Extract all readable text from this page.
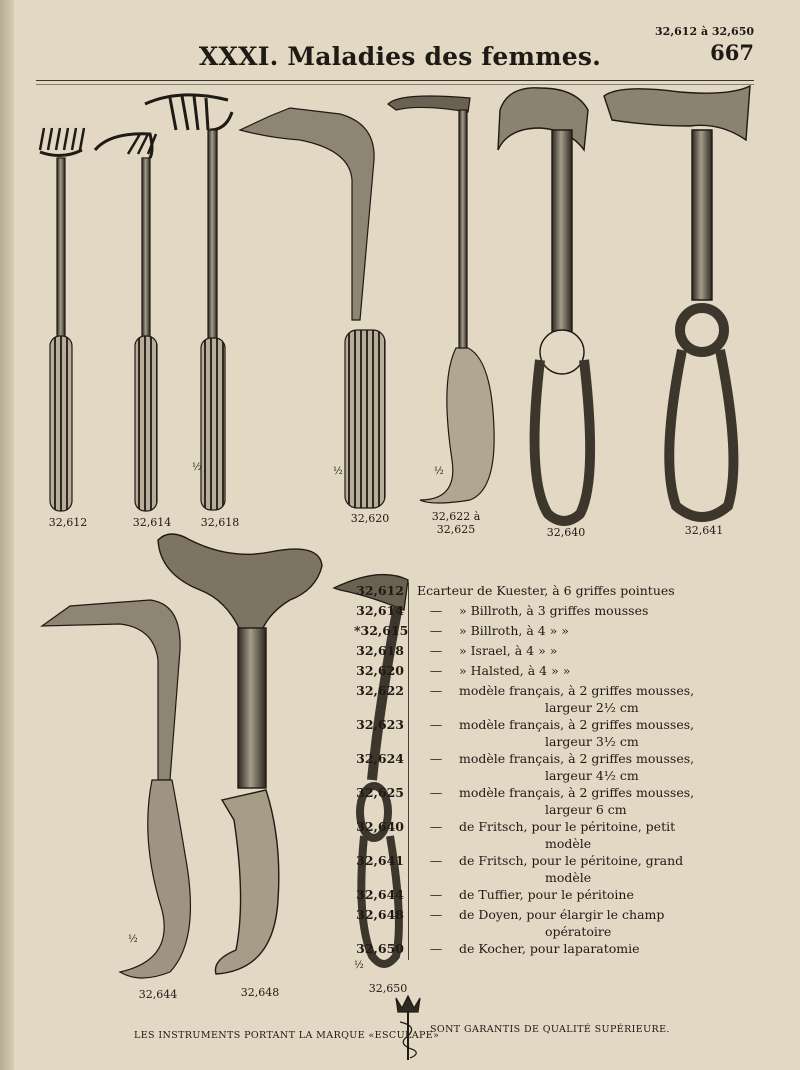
32,612 à 32,650
667
XXXI. Maladies des femmes.
32,612	32,614	32,618	32,620	32,622 à 32,625	32,640	32,641
32,644	32,648	32,650
½	½	½
½
½
32,612 Ecarteur de Kuester, à 6 griffes pointues
32,614	—	» Billroth, à 3 griffes mousses
*32,615	—	» Billroth, à 4 » »
32,618	—	» Israel, à 4 » »
32,620	—	» Halsted, à 4 » »
32,622	—	modèle français, à 2 griffes mousses,
largeur 2½ cm
32,623	—	modèle français, à 2 griffes mousses,
largeur 3½ cm
32,624	—	modèle français, à 2 griffes mousses,
largeur 4½ cm
32,625	—	modèle français, à 2 griffes mousses,
largeur 6 cm
32,640	—	de Fritsch, pour le péritoine, petit
modèle
32,641	—	de Fritsch, pour le péritoine, grand
modèle
32,644	—	de Tuffier, pour le péritoine
32,648	—	de Doyen, pour élargir le champ
opératoire
32,650	—	de Kocher, pour laparatomie
LES INSTRUMENTS PORTANT LA MARQUE «ESCULAPE»
SONT GARANTIS DE QUALITÉ SUPÉRIEURE.
